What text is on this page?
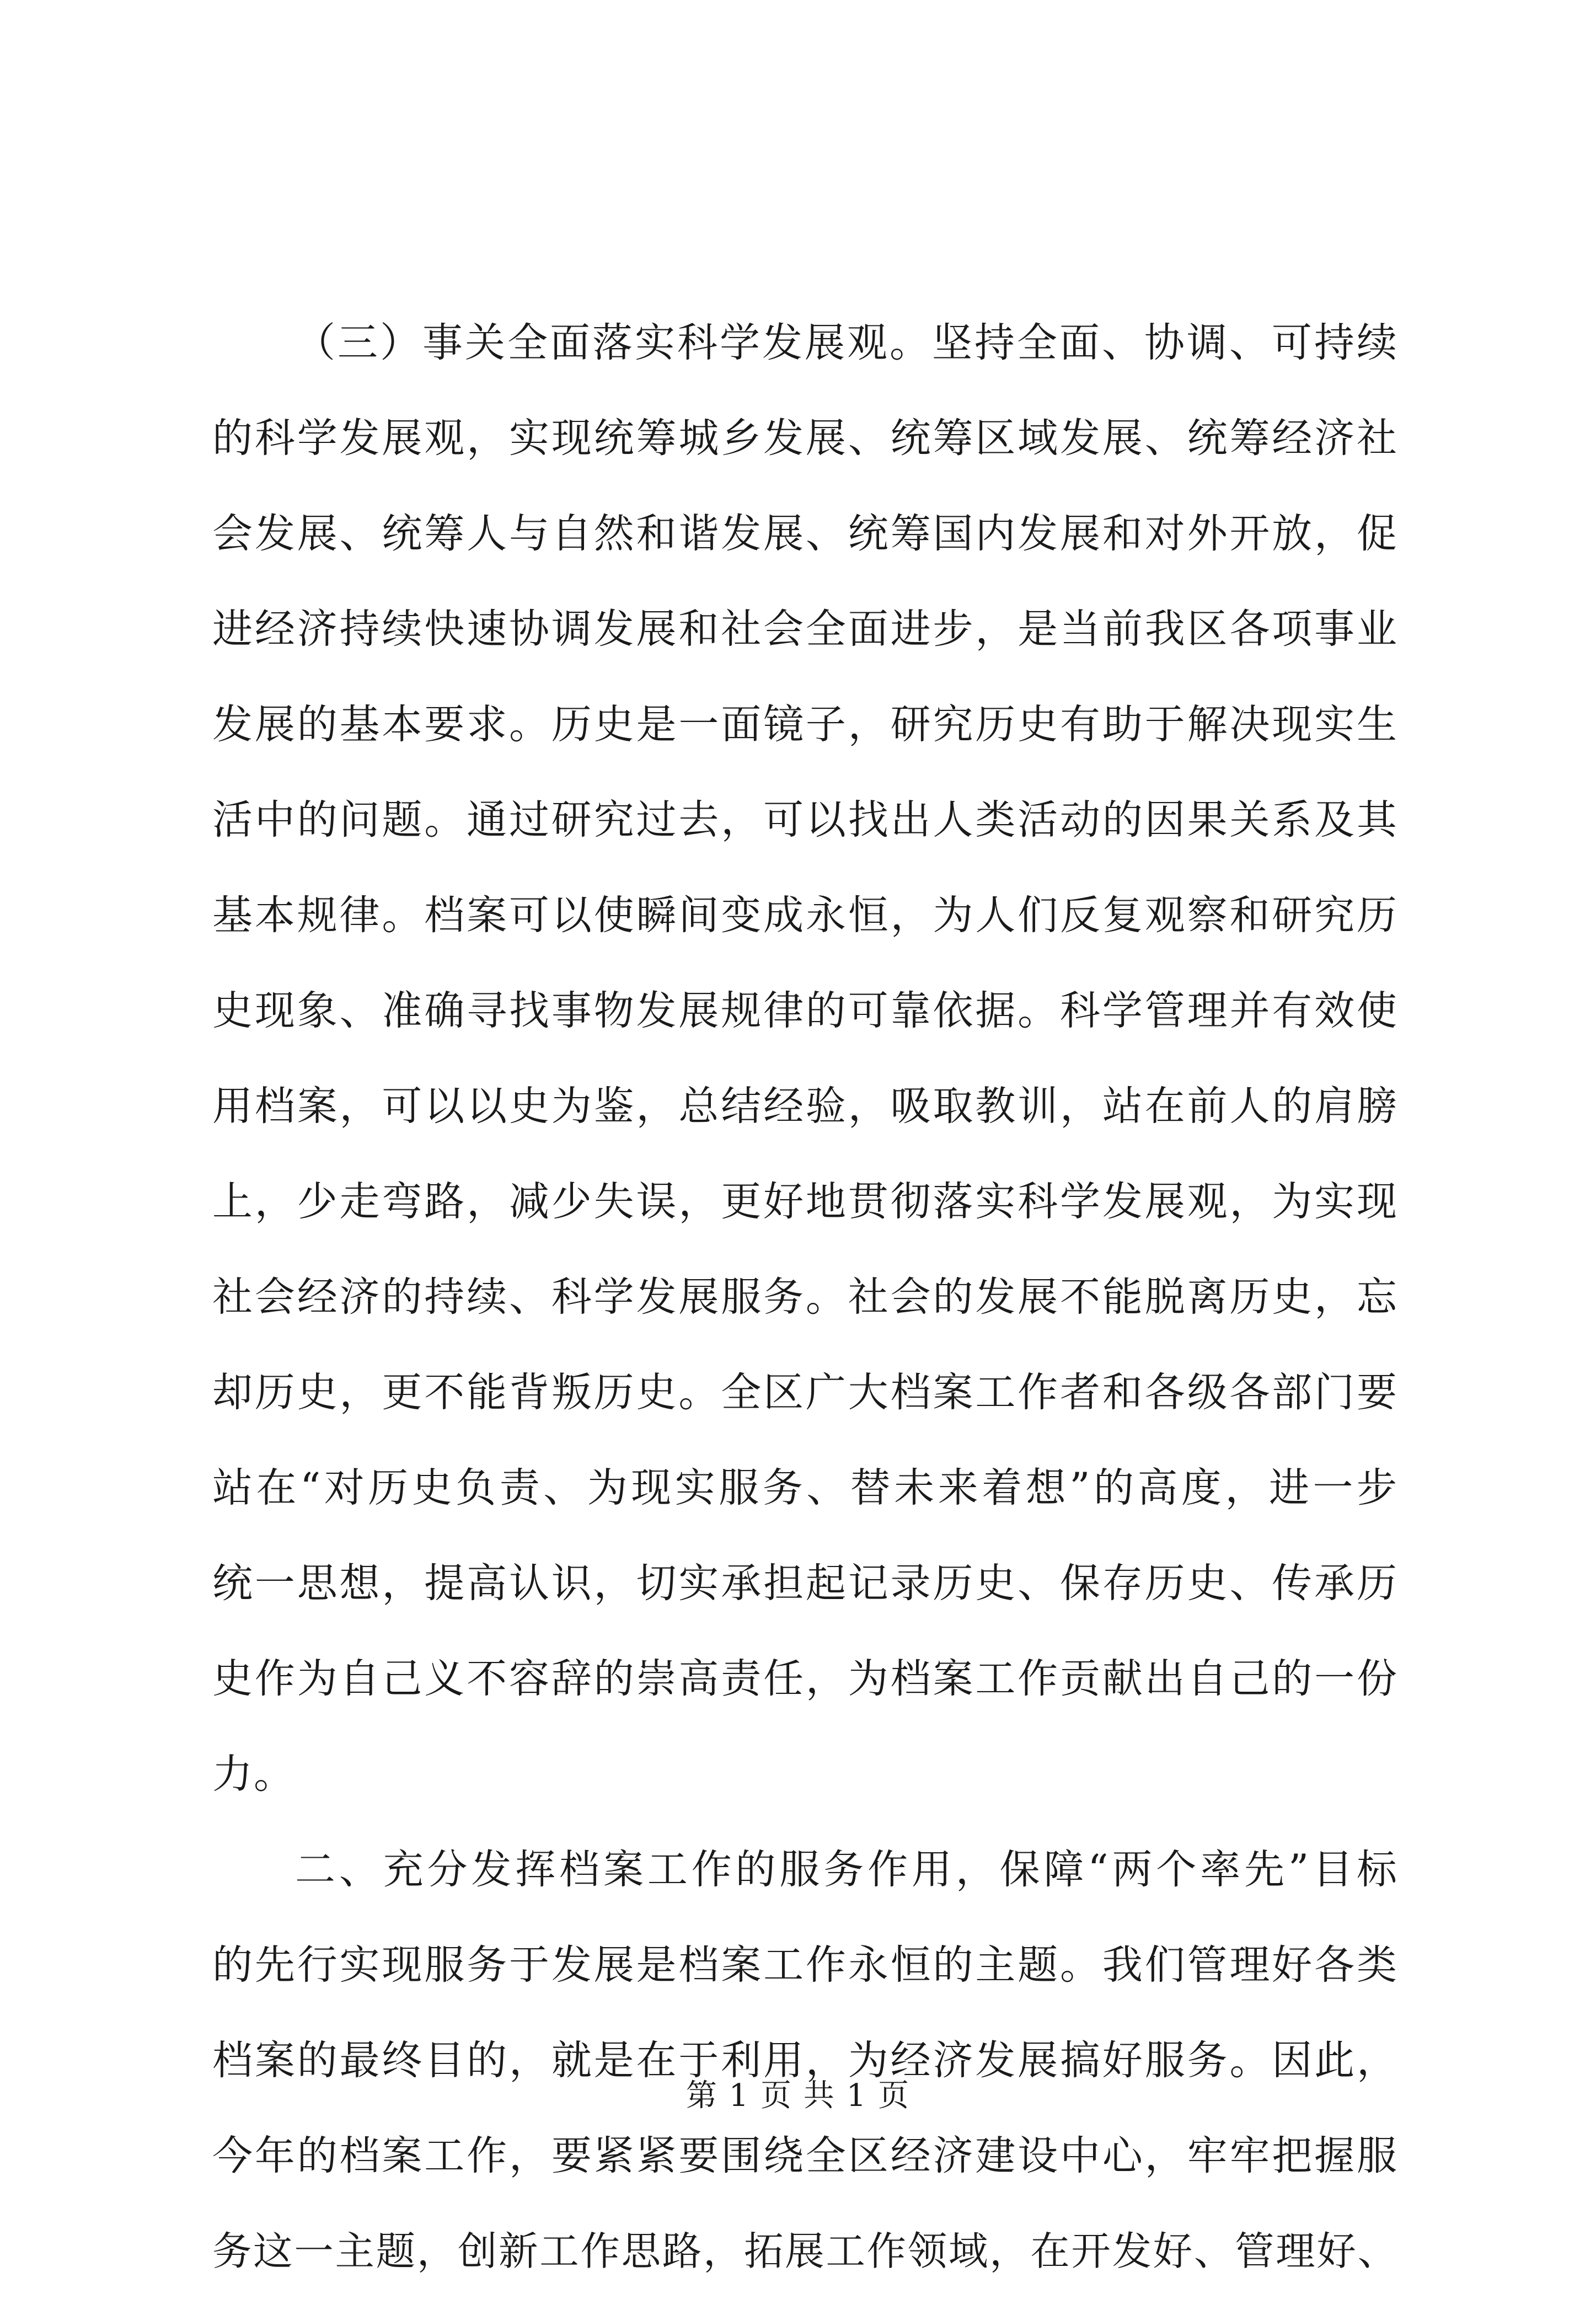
（三）事关全面落实科学发展观。坚持全面、协调、可持续
的科学发展观，实现统筹城乡发展、统筹区域发展、统筹经济社
会发展、统筹人与自然和谐发展、统筹国内发展和对外开放，促
进经济持续快速协调发展和社会全面进步，是当前我区各项事业
发展的基本要求。历史是一面镜子，研究历史有助于解决现实生
活中的问题。通过研究过去，可以找出人类活动的因果关系及其
基本规律。档案可以使瞬间变成永恒，为人们反复观察和研究历
史现象、准确寻找事物发展规律的可靠依据。科学管理并有效使
用档案，可以以史为鉴，总结经验，吸取教训，站在前人的肩膀
上，少走弯路，减少失误，更好地贯彻落实科学发展观，为实现
社会经济的持续、科学发展服务。社会的发展不能脱离历史，忘
却历史，更不能背叛历史。全区广大档案工作者和各级各部门要
站在“对历史负责、为现实服务、替未来着想”的高度，进一步
统一思想，提高认识，切实承担起记录历史、保存历史、传承历
史作为自己义不容辞的崇高责任，为档案工作贡献出自己的一份
力。
二、充分发挥档案工作的服务作用，保障“两个率先”目标
的先行实现服务于发展是档案工作永恒的主题。我们管理好各类
档案的最终目的，就是在于利用，为经济发展搞好服务。因此，
今年的档案工作，要紧紧要围绕全区经济建设中心，牢牢把握服
务这一主题，创新工作思路，拓展工作领域，在开发好、管理好、
第 1 页 共 1 页
